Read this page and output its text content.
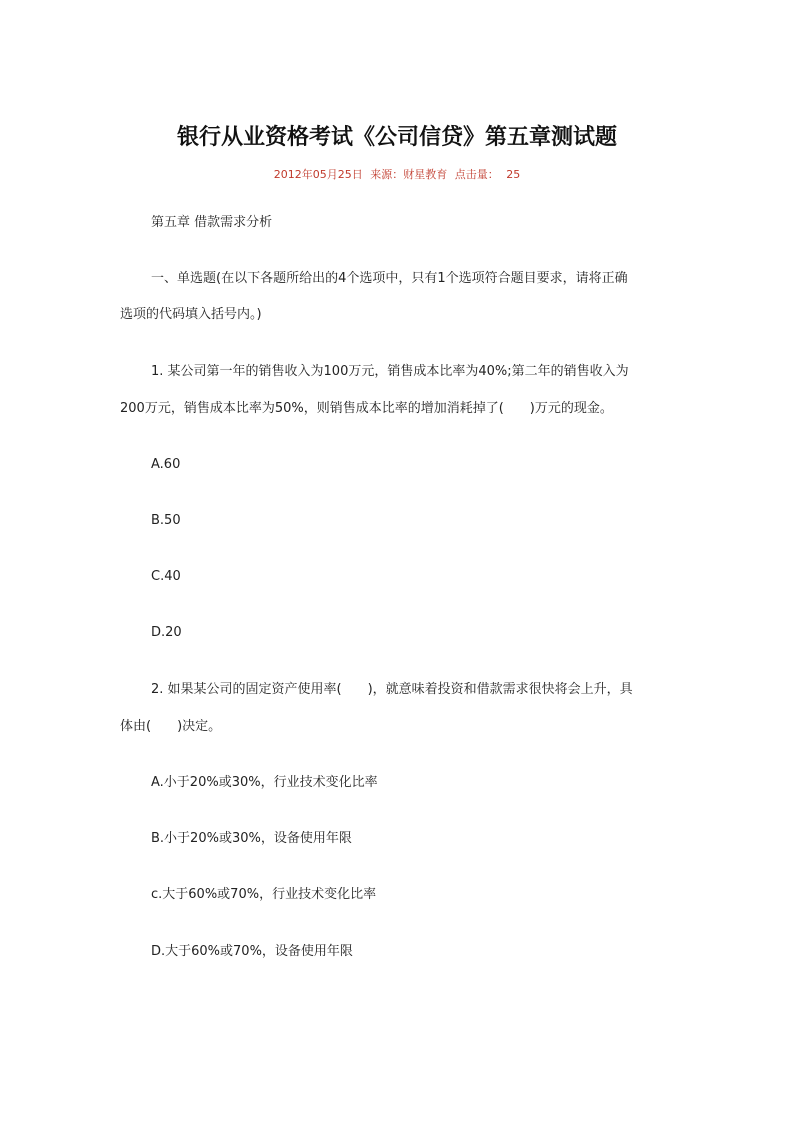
银行从业资格考试《公司信贷》第五章测试题
2012年05月25日 来源：财星教育 点击量： 25

第五章 借款需求分析

一、单选题(在以下各题所给出的4个选项中，只有1个选项符合题目要求，请将正确

选项的代码填入括号内。)

1. 某公司第一年的销售收入为100万元，销售成本比率为40%;第二年的销售收入为

200万元，销售成本比率为50%，则销售成本比率的增加消耗掉了(　　)万元的现金。

A.60

B.50

C.40

D.20

2. 如果某公司的固定资产使用率(　　)，就意味着投资和借款需求很快将会上升，具

体由(　　)决定。

A.小于20%或30%，行业技术变化比率

B.小于20%或30%，设备使用年限

c.大于60%或70%，行业技术变化比率

D.大于60%或70%，设备使用年限
